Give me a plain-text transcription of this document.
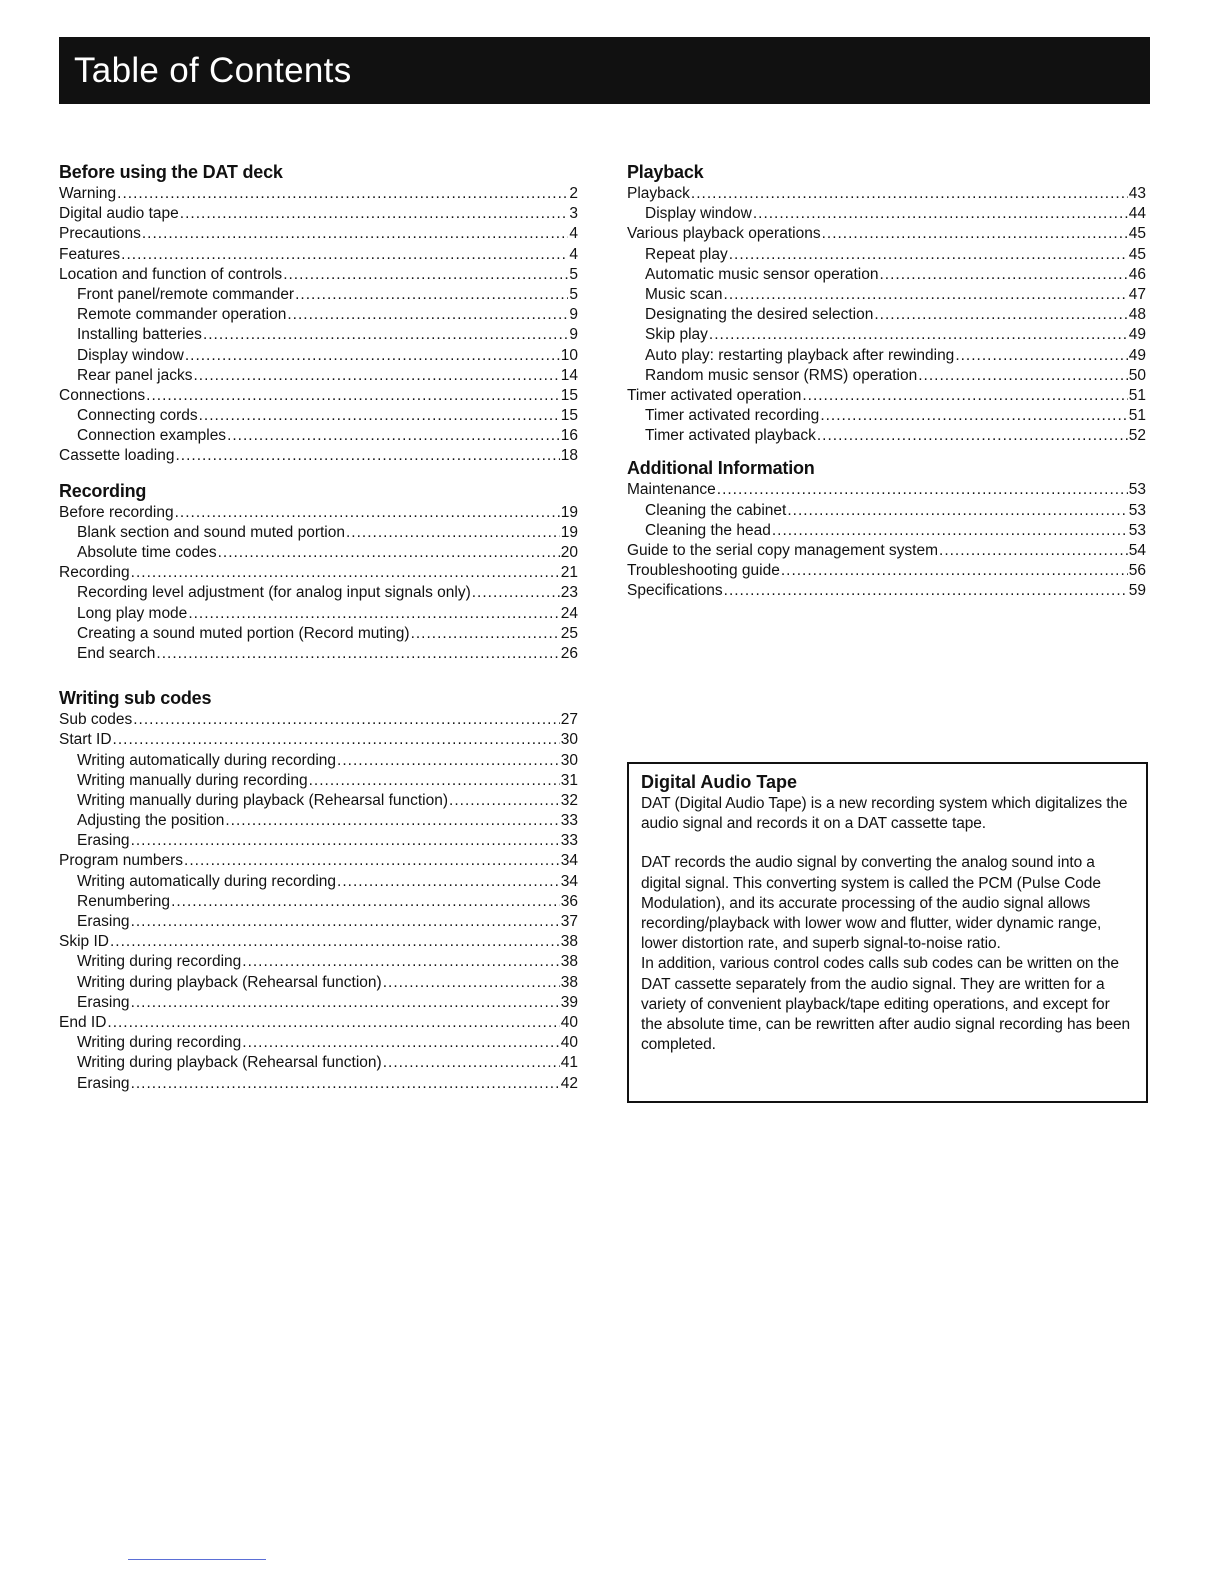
Table of Contents
Before using the DAT deck
Warning .....	2
Digital audio tape .....	3
Precautions .....	4
Features .....	4
Location and function of controls .....	5
Front panel/remote commander .....	5
Remote commander operation .....	9
Installing batteries .....	9
Display window .....	10
Rear panel jacks .....	14
Connections .....	15
Connecting cords .....	15
Connection examples .....	16
Cassette loading .....	18
Recording
Before recording .....	19
Blank section and sound muted portion .....	19
Absolute time codes .....	20
Recording .....	21
Recording level adjustment (for analog input signals only) .....	23
Long play mode .....	24
Creating a sound muted portion (Record muting) .....	25
End search .....	26
Writing sub codes
Sub codes .....	27
Start ID .....	30
Writing automatically during recording .....	30
Writing manually during recording .....	31
Writing manually during playback (Rehearsal function) .....	32
Adjusting the position .....	33
Erasing .....	33
Program numbers .....	34
Writing automatically during recording .....	34
Renumbering .....	36
Erasing .....	37
Skip ID .....	38
Writing during recording .....	38
Writing during playback (Rehearsal function) .....	38
Erasing .....	39
End ID .....	40
Writing during recording .....	40
Writing during playback (Rehearsal function) .....	41
Erasing .....	42
Playback
Playback .....	43
Display window .....	44
Various playback operations .....	45
Repeat play .....	45
Automatic music sensor operation .....	46
Music scan .....	47
Designating the desired selection .....	48
Skip play .....	49
Auto play: restarting playback after rewinding .....	49
Random music sensor (RMS) operation .....	50
Timer activated operation .....	51
Timer activated recording .....	51
Timer activated playback .....	52
Additional Information
Maintenance .....	53
Cleaning the cabinet .....	53
Cleaning the head .....	53
Guide to the serial copy management system .....	54
Troubleshooting guide .....	56
Specifications .....	59
Digital Audio Tape

DAT (Digital Audio Tape) is a new recording system which digitalizes the audio signal and records it on a DAT cassette tape.

DAT records the audio signal by converting the analog sound into a digital signal. This converting system is called the PCM (Pulse Code Modulation), and its accurate processing of the audio signal allows recording/playback with lower wow and flutter, wider dynamic range, lower distortion rate, and superb signal-to-noise ratio.

In addition, various control codes calls sub codes can be written on the DAT cassette separately from the audio signal. They are written for a variety of convenient playback/tape editing operations, and except for the absolute time, can be rewritten after audio signal recording has been completed.
